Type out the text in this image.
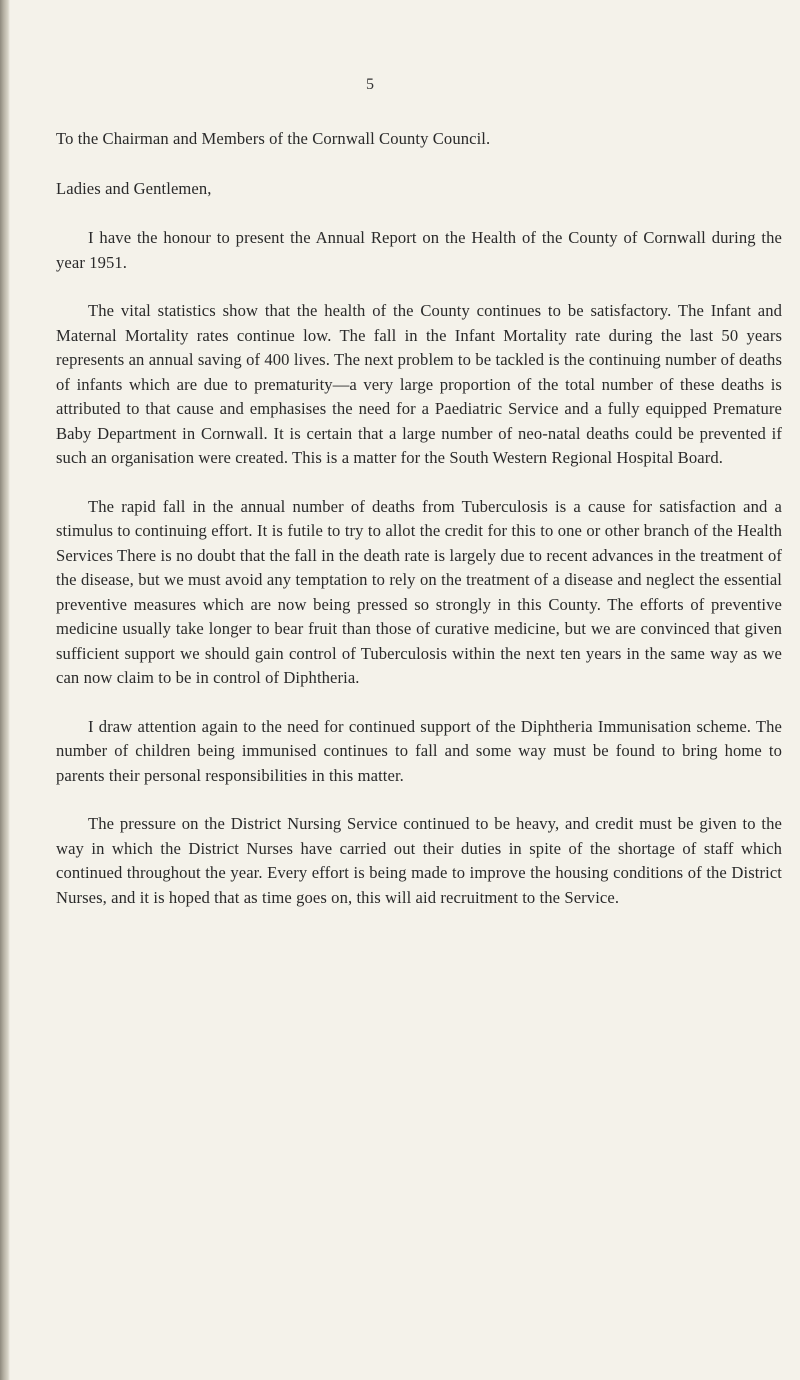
5

To the Chairman and Members of the Cornwall County Council.

Ladies and Gentlemen,

I have the honour to present the Annual Report on the Health of the County of Cornwall during the year 1951.

The vital statistics show that the health of the County continues to be satisfactory. The Infant and Maternal Mortality rates continue low. The fall in the Infant Mortality rate during the last 50 years represents an annual saving of 400 lives. The next problem to be tackled is the continuing number of deaths of infants which are due to prematurity—a very large proportion of the total number of these deaths is attributed to that cause and emphasises the need for a Paediatric Service and a fully equipped Premature Baby Department in Cornwall. It is certain that a large number of neo-natal deaths could be prevented if such an organisation were created. This is a matter for the South Western Regional Hospital Board.

The rapid fall in the annual number of deaths from Tuberculosis is a cause for satisfaction and a stimulus to continuing effort. It is futile to try to allot the credit for this to one or other branch of the Health Services There is no doubt that the fall in the death rate is largely due to recent advances in the treatment of the disease, but we must avoid any temptation to rely on the treatment of a disease and neglect the essential preventive measures which are now being pressed so strongly in this County. The efforts of preventive medicine usually take longer to bear fruit than those of curative medicine, but we are convinced that given sufficient support we should gain control of Tuberculosis within the next ten years in the same way as we can now claim to be in control of Diphtheria.

I draw attention again to the need for continued support of the Diphtheria Immunisation scheme. The number of children being immunised continues to fall and some way must be found to bring home to parents their personal responsibilities in this matter.

The pressure on the District Nursing Service continued to be heavy, and credit must be given to the way in which the District Nurses have carried out their duties in spite of the shortage of staff which continued throughout the year. Every effort is being made to improve the housing conditions of the District Nurses, and it is hoped that as time goes on, this will aid recruitment to the Service.
